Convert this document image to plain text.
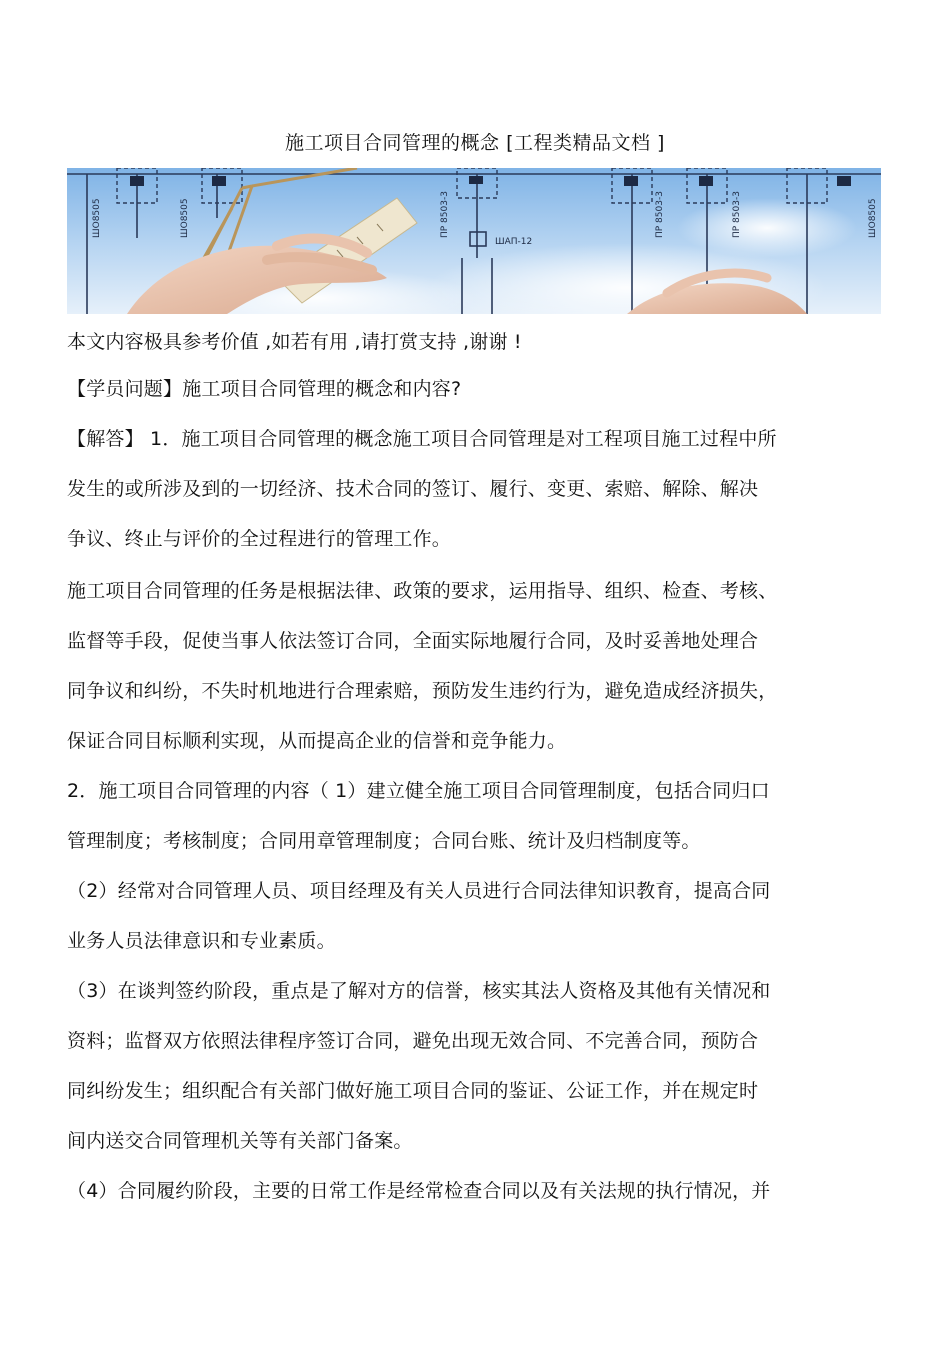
施工项目合同管理的概念 [工程类精品文档 ]
ШО8505	ШО8505	ПР 8503-3
ШАП-12
ПР 8503-3	ПР 8503-3	ШО8505
本文内容极具参考价值 ,如若有用 ,请打赏支持 ,谢谢 !
【学员问题】施工项目合同管理的概念和内容?
【解答】 1．施工项目合同管理的概念施工项目合同管理是对工程项目施工过程中所
发生的或所涉及到的一切经济、技术合同的签订、履行、变更、索赔、解除、解决
争议、终止与评价的全过程进行的管理工作。
施工项目合同管理的任务是根据法律、政策的要求，运用指导、组织、检查、考核、
监督等手段，促使当事人依法签订合同，全面实际地履行合同，及时妥善地处理合
同争议和纠纷，不失时机地进行合理索赔，预防发生违约行为，避免造成经济损失，
保证合同目标顺利实现，从而提高企业的信誉和竞争能力。
2．施工项目合同管理的内容（ 1）建立健全施工项目合同管理制度，包括合同归口
管理制度；考核制度；合同用章管理制度；合同台账、统计及归档制度等。
（2）经常对合同管理人员、项目经理及有关人员进行合同法律知识教育，提高合同
业务人员法律意识和专业素质。
（3）在谈判签约阶段，重点是了解对方的信誉，核实其法人资格及其他有关情况和
资料；监督双方依照法律程序签订合同，避免出现无效合同、不完善合同，预防合
同纠纷发生；组织配合有关部门做好施工项目合同的鉴证、公证工作，并在规定时
间内送交合同管理机关等有关部门备案。
（4）合同履约阶段，主要的日常工作是经常检查合同以及有关法规的执行情况，并
